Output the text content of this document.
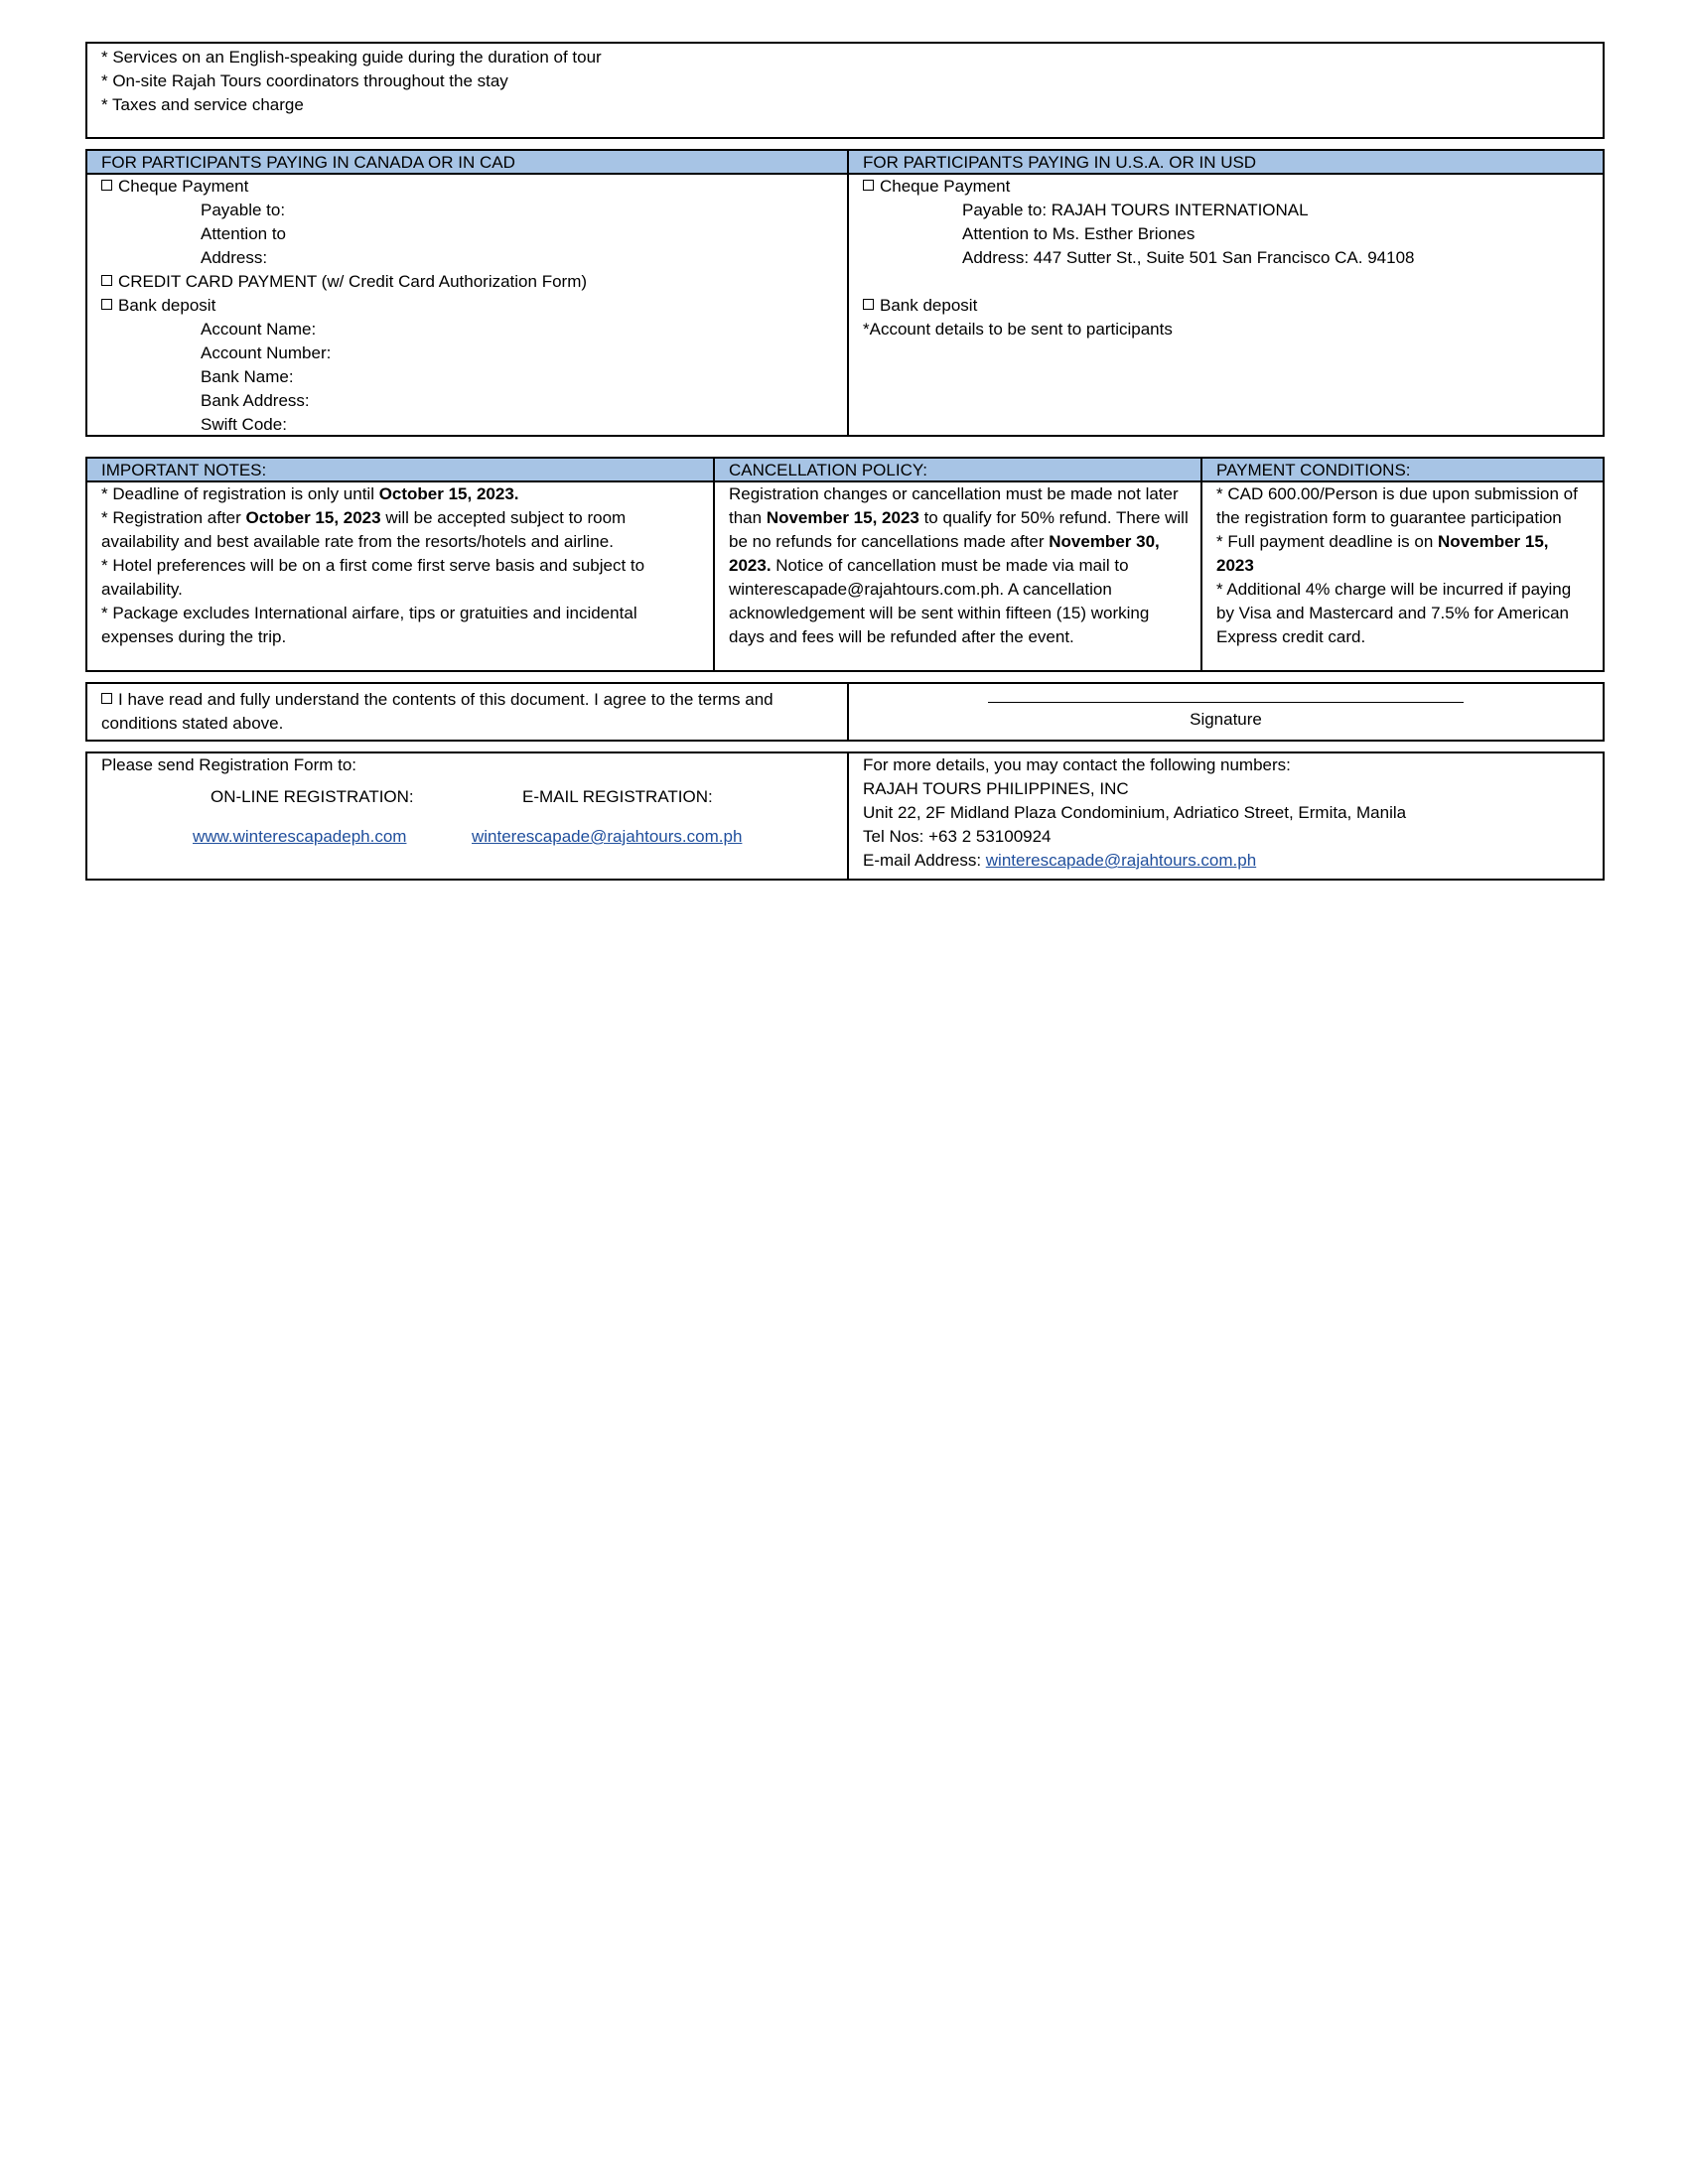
* Services on an English-speaking guide during the duration of tour
* On-site Rajah Tours coordinators throughout the stay
* Taxes and service charge
FOR PARTICIPANTS PAYING IN CANADA OR IN CAD
Cheque Payment
Payable to:
Attention to
Address:
CREDIT CARD PAYMENT (w/ Credit Card Authorization Form)
Bank deposit
Account Name:
Account Number:
Bank Name:
Bank Address:
Swift Code:
FOR PARTICIPANTS PAYING IN U.S.A. OR IN USD
Cheque Payment
Payable to: RAJAH TOURS INTERNATIONAL
Attention to Ms. Esther Briones
Address: 447 Sutter St., Suite 501 San Francisco CA. 94108
Bank deposit
*Account details to be sent to participants
IMPORTANT NOTES:
* Deadline of registration is only until October 15, 2023.
* Registration after October 15, 2023 will be accepted subject to room availability and best available rate from the resorts/hotels and airline.
* Hotel preferences will be on a first come first serve basis and subject to availability.
* Package excludes International airfare, tips or gratuities and incidental expenses during the trip.
CANCELLATION POLICY:
Registration changes or cancellation must be made not later than November 15, 2023 to qualify for 50% refund. There will be no refunds for cancellations made after November 30, 2023. Notice of cancellation must be made via mail to winterescapade@rajahtours.com.ph. A cancellation acknowledgement will be sent within fifteen (15) working days and fees will be refunded after the event.
PAYMENT CONDITIONS:
* CAD 600.00/Person is due upon submission of the registration form to guarantee participation
* Full payment deadline is on November 15, 2023
* Additional 4% charge will be incurred if paying by Visa and Mastercard and 7.5% for American Express credit card.
I have read and fully understand the contents of this document. I agree to the terms and conditions stated above.	Signature
Please send Registration Form to:
ON-LINE REGISTRATION:	E-MAIL REGISTRATION:
www.winterescapadeph.com	winterescapade@rajahtours.com.ph
For more details, you may contact the following numbers:
RAJAH TOURS PHILIPPINES, INC
Unit 22, 2F Midland Plaza Condominium, Adriatico Street, Ermita, Manila
Tel Nos: +63 2 53100924
E-mail Address: winterescapade@rajahtours.com.ph
